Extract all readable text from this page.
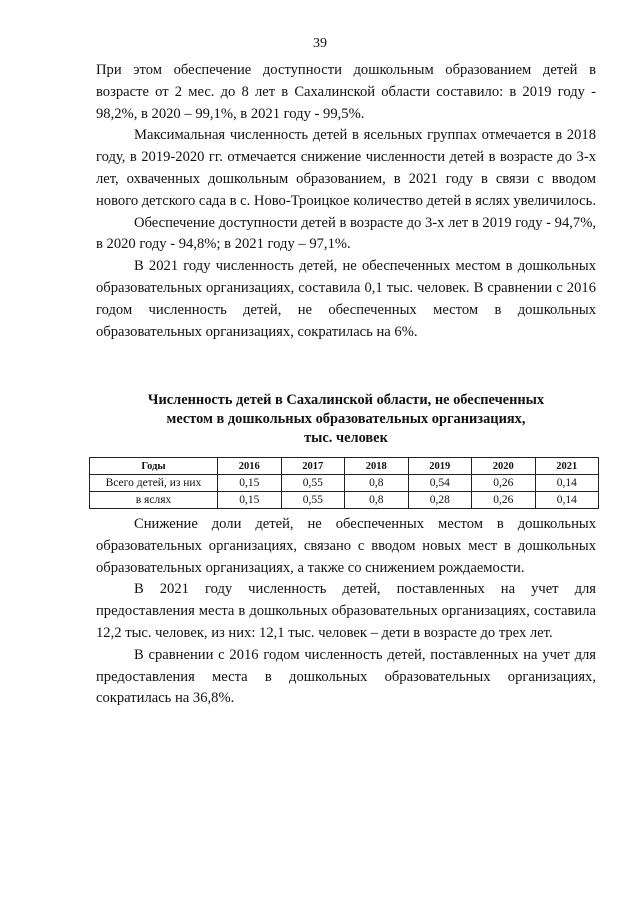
39

При этом обеспечение доступности дошкольным образованием детей в возрасте от 2 мес. до 8 лет в Сахалинской области составило: в 2019 году - 98,2%, в 2020 – 99,1%, в 2021 году - 99,5%.

Максимальная численность детей в ясельных группах отмечается в 2018 году, в 2019-2020 гг. отмечается снижение численности детей в возрасте до 3-х лет, охваченных дошкольным образованием, в 2021 году в связи с вводом нового детского сада в с. Ново-Троицкое количество детей в яслях увеличилось.

Обеспечение доступности детей в возрасте до 3-х лет в 2019 году - 94,7%, в 2020 году - 94,8%; в 2021 году – 97,1%.

В 2021 году численность детей, не обеспеченных местом в дошкольных образовательных организациях, составила 0,1 тыс. человек. В сравнении с 2016 годом численность детей, не обеспеченных местом в дошкольных образовательных организациях, сократилась на 6%.

Численность детей в Сахалинской области, не обеспеченных
местом в дошкольных образовательных организациях,
тыс. человек
Годы	2016	2017	2018	2019	2020	2021
Всего детей, из них	0,15	0,55	0,8	0,54	0,26	0,14
в яслях	0,15	0,55	0,8	0,28	0,26	0,14

Снижение доли детей, не обеспеченных местом в дошкольных образовательных организациях, связано с вводом новых мест в дошкольных образовательных организациях, а также со снижением рождаемости.

В 2021 году численность детей, поставленных на учет для предоставления места в дошкольных образовательных организациях, составила 12,2 тыс. человек, из них: 12,1 тыс. человек – дети в возрасте до трех лет.

В сравнении с 2016 годом численность детей, поставленных на учет для предоставления места в дошкольных образовательных организациях, сократилась на 36,8%.
